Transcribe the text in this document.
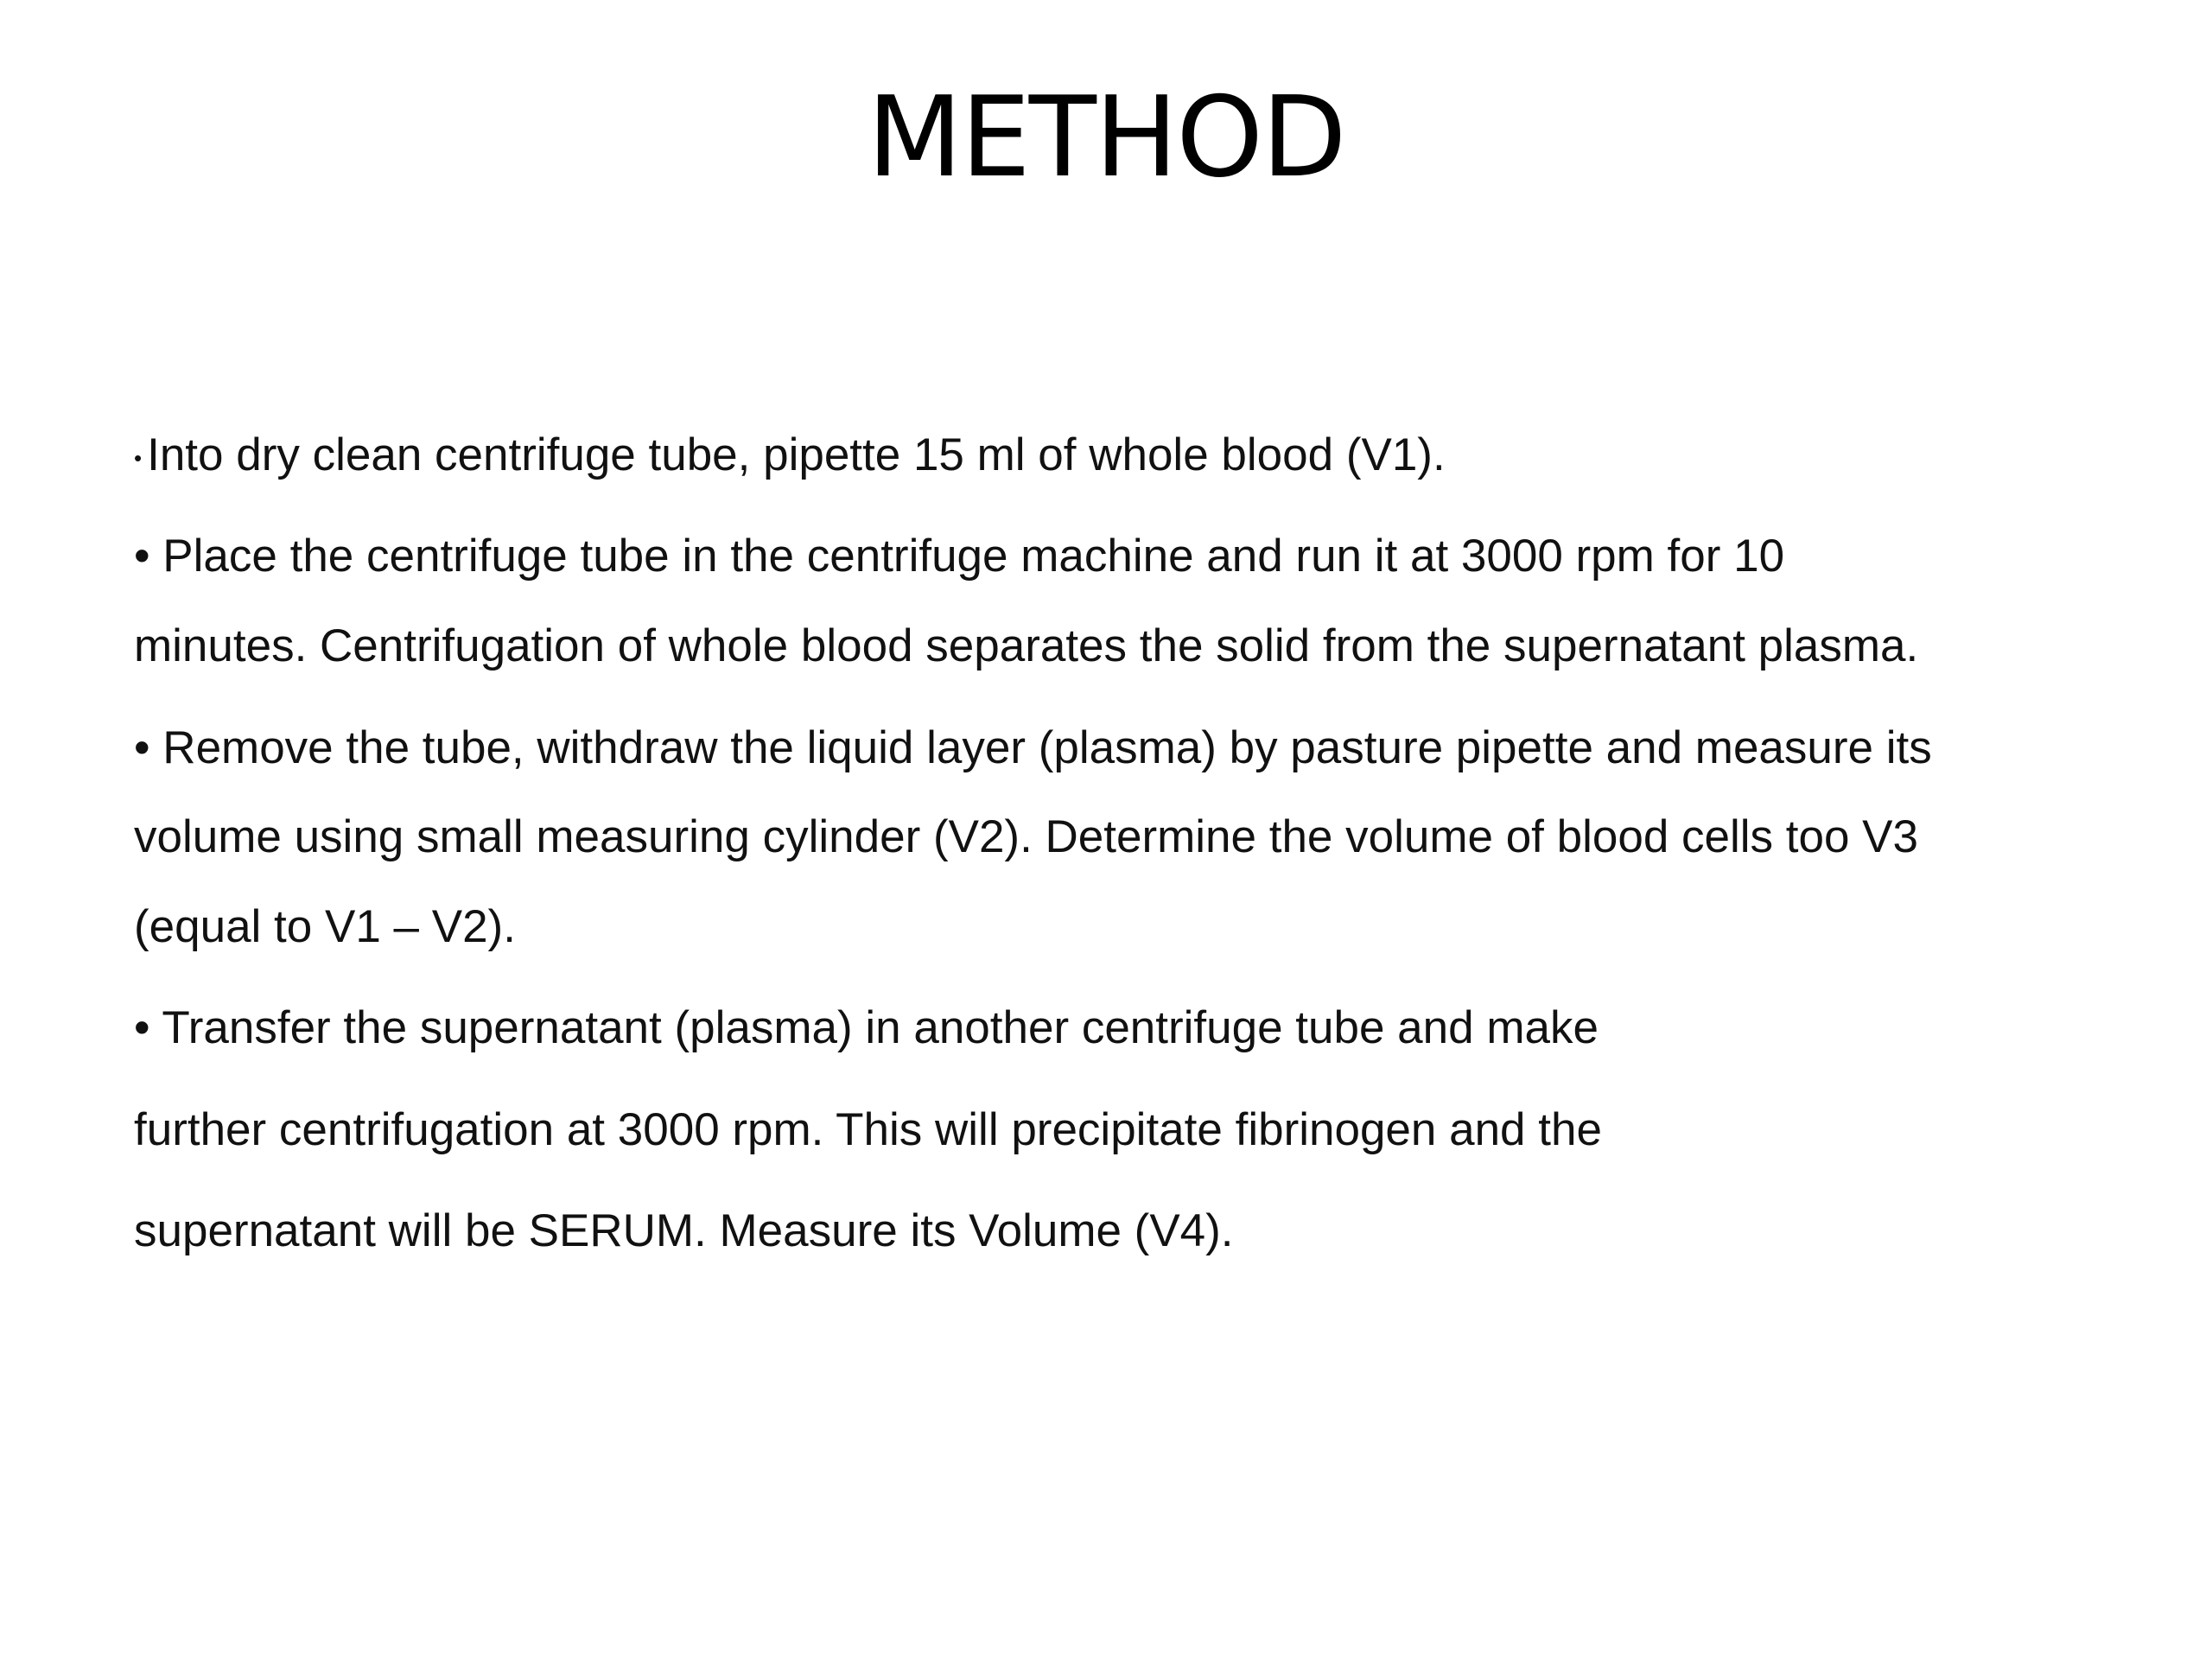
METHOD
• Into dry clean centrifuge tube, pipette 15 ml of whole blood (V1).
• Place the centrifuge tube in the centrifuge machine and run it at 3000 rpm for 10
minutes. Centrifugation of whole blood separates the solid from the supernatant plasma.
• Remove the tube, withdraw the liquid layer (plasma) by pasture pipette and measure its
volume using small measuring cylinder (V2). Determine the volume of blood cells too V3
(equal to V1 – V2).
• Transfer the supernatant (plasma) in another centrifuge tube and make
further centrifugation at 3000 rpm. This will precipitate fibrinogen and the
supernatant will be SERUM. Measure its Volume (V4).
